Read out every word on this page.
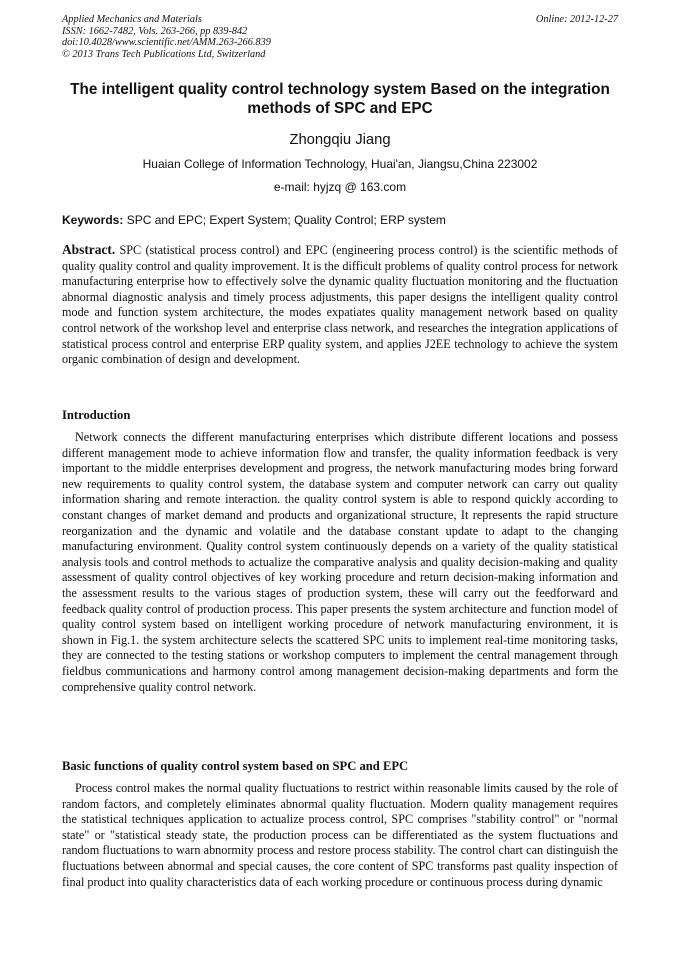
Applied Mechanics and Materials
ISSN: 1662-7482, Vols. 263-266, pp 839-842
doi:10.4028/www.scientific.net/AMM.263-266.839
© 2013 Trans Tech Publications Ltd, Switzerland
Online: 2012-12-27
The intelligent quality control technology system Based on the integration methods of SPC and EPC
Zhongqiu Jiang
Huaian College of Information Technology, Huai'an, Jiangsu,China 223002
e-mail: hyjzq @ 163.com
Keywords: SPC and EPC; Expert System; Quality Control; ERP system
Abstract. SPC (statistical process control) and EPC (engineering process control) is the scientific methods of quality quality control and quality improvement. It is the difficult problems of quality control process for network manufacturing enterprise how to effectively solve the dynamic quality fluctuation monitoring and the fluctuation abnormal diagnostic analysis and timely process adjustments, this paper designs the intelligent quality control mode and function system architecture, the modes expatiates quality management network based on quality control network of the workshop level and enterprise class network, and researches the integration applications of statistical process control and enterprise ERP quality system, and applies J2EE technology to achieve the system organic combination of design and development.
Introduction
Network connects the different manufacturing enterprises which distribute different locations and possess different management mode to achieve information flow and transfer, the quality information feedback is very important to the middle enterprises development and progress, the network manufacturing modes bring forward new requirements to quality control system, the database system and computer network can carry out quality information sharing and remote interaction. the quality control system is able to respond quickly according to constant changes of market demand and products and organizational structure, It represents the rapid structure reorganization and the dynamic and volatile and the database constant update to adapt to the changing manufacturing environment. Quality control system continuously depends on a variety of the quality statistical analysis tools and control methods to actualize the comparative analysis and quality decision-making and quality assessment of quality control objectives of key working procedure and return decision-making information and the assessment results to the various stages of production system, these will carry out the feedforward and feedback quality control of production process. This paper presents the system architecture and function model of quality control system based on intelligent working procedure of network manufacturing environment, it is shown in Fig.1. the system architecture selects the scattered SPC units to implement real-time monitoring tasks, they are connected to the testing stations or workshop computers to implement the central management through fieldbus communications and harmony control among management decision-making departments and form the comprehensive quality control network.
Basic functions of quality control system based on SPC and EPC
Process control makes the normal quality fluctuations to restrict within reasonable limits caused by the role of random factors, and completely eliminates abnormal quality fluctuation. Modern quality management requires the statistical techniques application to actualize process control, SPC comprises "stability control" or "normal state" or "statistical steady state, the production process can be differentiated as the system fluctuations and random fluctuations to warn abnormity process and restore process stability. The control chart can distinguish the fluctuations between abnormal and special causes, the core content of SPC transforms past quality inspection of final product into quality characteristics data of each working procedure or continuous process during dynamic
